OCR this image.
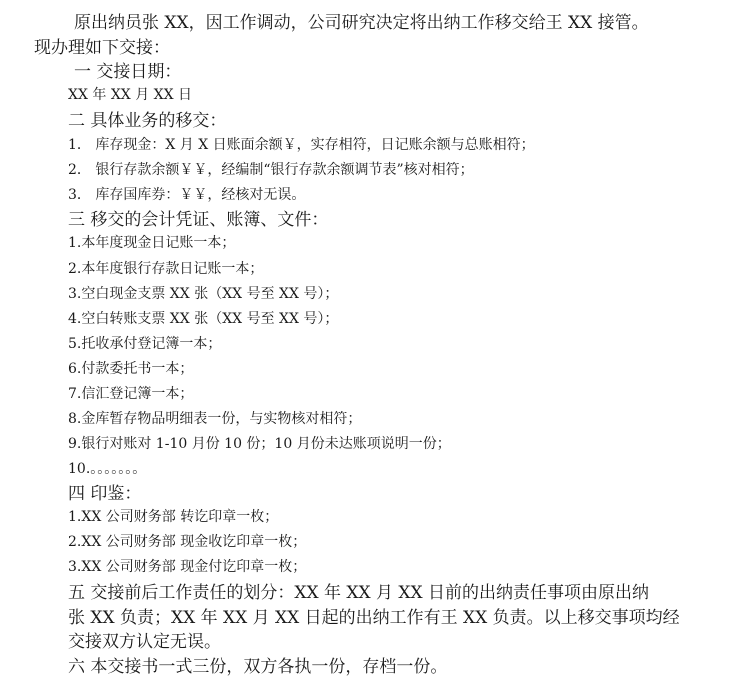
原出纳员张 XX，因工作调动，公司研究决定将出纳工作移交给王 XX 接管。
现办理如下交接：
一 交接日期：
XX 年 XX 月 XX 日
二 具体业务的移交：
1． 库存现金：X 月 X 日账面余额￥，实存相符，日记账余额与总账相符；
2． 银行存款余额￥￥，经编制“银行存款余额调节表”核对相符；
3． 库存国库券：￥￥，经核对无误。
三 移交的会计凭证、账簿、文件：
1.本年度现金日记账一本；
2.本年度银行存款日记账一本；
3.空白现金支票 XX 张（XX 号至 XX 号）；
4.空白转账支票 XX 张（XX 号至 XX 号）；
5.托收承付登记簿一本；
6.付款委托书一本；
7.信汇登记簿一本；
8.金库暂存物品明细表一份，与实物核对相符；
9.银行对账对 1-10 月份 10 份；10 月份未达账项说明一份；
10.。。。。。。。
四 印鉴：
1.XX 公司财务部 转讫印章一枚；
2.XX 公司财务部 现金收讫印章一枚；
3.XX 公司财务部 现金付讫印章一枚；
五 交接前后工作责任的划分：XX 年 XX 月 XX 日前的出纳责任事项由原出纳
张 XX 负责；XX 年 XX 月 XX 日起的出纳工作有王 XX 负责。以上移交事项均经
交接双方认定无误。
六 本交接书一式三份，双方各执一份，存档一份。
